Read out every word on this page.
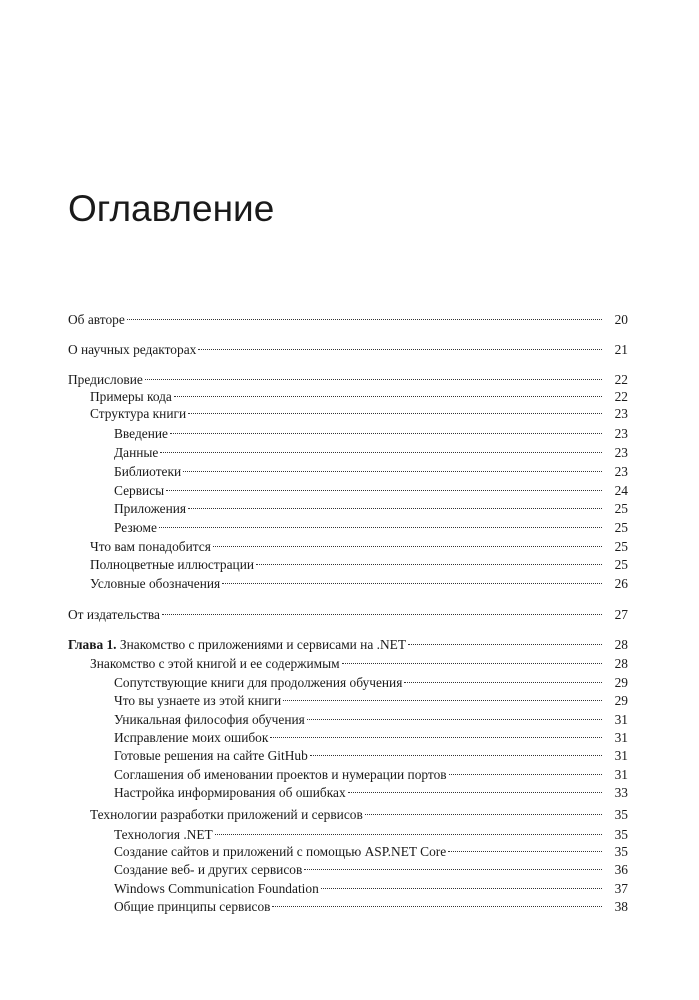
Оглавление
Об авторе	20
О научных редакторах	21
Предисловие	22
Примеры кода	22
Структура книги	23
Введение	23
Данные	23
Библиотеки	23
Сервисы	24
Приложения	25
Резюме	25
Что вам понадобится	25
Полноцветные иллюстрации	25
Условные обозначения	26
От издательства	27
Глава 1. Знакомство с приложениями и сервисами на .NET	28
Знакомство с этой книгой и ее содержимым	28
Сопутствующие книги для продолжения обучения	29
Что вы узнаете из этой книги	29
Уникальная философия обучения	31
Исправление моих ошибок	31
Готовые решения на сайте GitHub	31
Соглашения об именовании проектов и нумерации портов	31
Настройка информирования об ошибках	33
Технологии разработки приложений и сервисов	35
Технология .NET	35
Создание сайтов и приложений с помощью ASP.NET Core	35
Создание веб- и других сервисов	36
Windows Communication Foundation	37
Общие принципы сервисов	38
